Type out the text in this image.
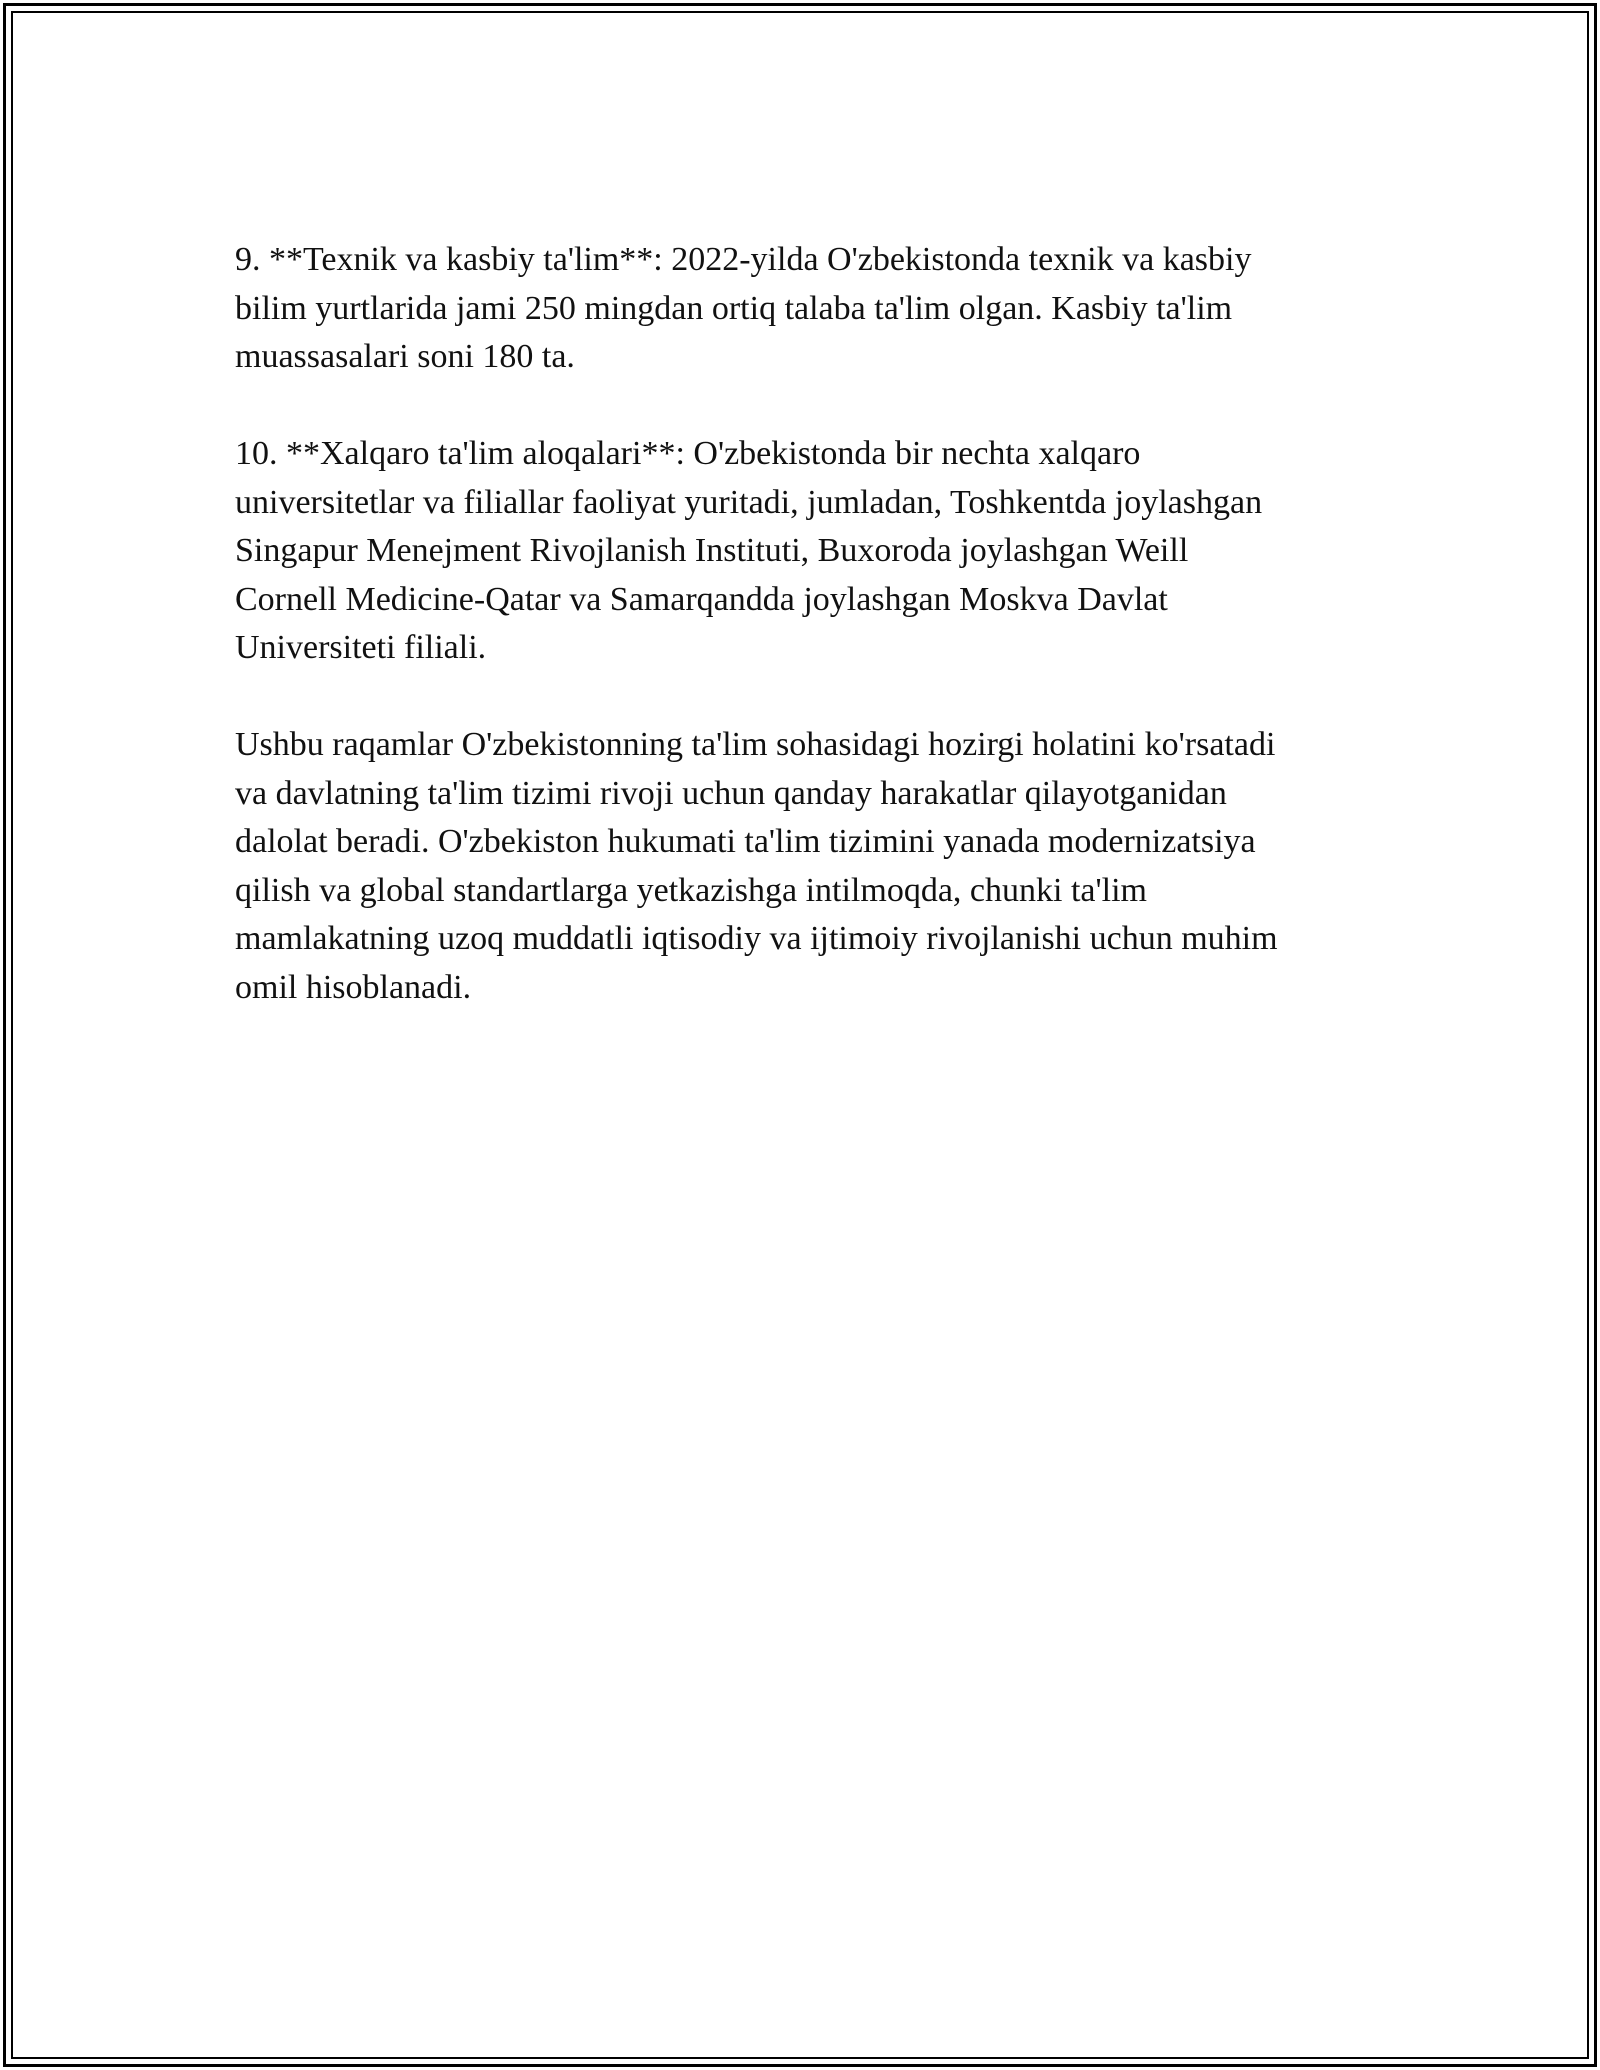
9. **Texnik va kasbiy ta'lim**: 2022-yilda O'zbekistonda texnik va kasbiy
bilim yurtlarida jami 250 mingdan ortiq talaba ta'lim olgan. Kasbiy ta'lim
muassasalari soni 180 ta.

10. **Xalqaro ta'lim aloqalari**: O'zbekistonda bir nechta xalqaro
universitetlar va filiallar faoliyat yuritadi, jumladan, Toshkentda joylashgan
Singapur Menejment Rivojlanish Instituti, Buxoroda joylashgan Weill
Cornell Medicine-Qatar va Samarqandda joylashgan Moskva Davlat
Universiteti filiali.

Ushbu raqamlar O'zbekistonning ta'lim sohasidagi hozirgi holatini ko'rsatadi
va davlatning ta'lim tizimi rivoji uchun qanday harakatlar qilayotganidan
dalolat beradi. O'zbekiston hukumati ta'lim tizimini yanada modernizatsiya
qilish va global standartlarga yetkazishga intilmoqda, chunki ta'lim
mamlakatning uzoq muddatli iqtisodiy va ijtimoiy rivojlanishi uchun muhim
omil hisoblanadi.
